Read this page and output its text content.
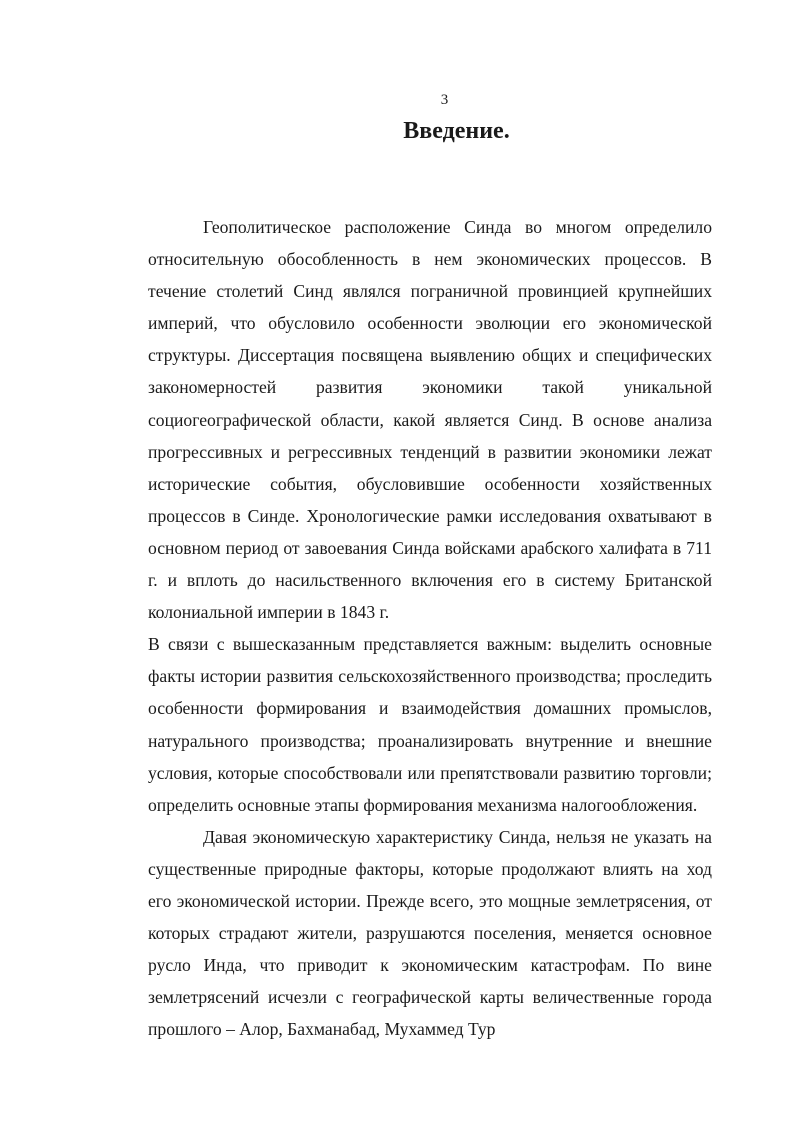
3
Введение.

Геополитическое расположение Синда во многом определило относительную обособленность в нем экономических процессов. В течение столетий Синд являлся пограничной провинцией крупнейших империй, что обусловило особенности эволюции его экономической структуры. Диссертация посвящена выявлению общих и специфических закономерностей развития экономики такой уникальной социогеографической области, какой является Синд. В основе анализа прогрессивных и регрессивных тенденций в развитии экономики лежат исторические события, обусловившие особенности хозяйственных процессов в Синде. Хронологические рамки исследования охватывают в основном период от завоевания Синда войсками арабского халифата в 711 г. и вплоть до насильственного включения его в систему Британской колониальной империи в 1843 г.

В связи с вышесказанным представляется важным: выделить основные факты истории развития сельскохозяйственного производства; проследить особенности формирования и взаимодействия домашних промыслов, натурального производства; проанализировать внутренние и внешние условия, которые способствовали или препятствовали развитию торговли; определить основные этапы формирования механизма налогообложения.

Давая экономическую характеристику Синда, нельзя не указать на существенные природные факторы, которые продолжают влиять на ход его экономической истории. Прежде всего, это мощные землетрясения, от которых страдают жители, разрушаются поселения, меняется основное русло Инда, что приводит к экономическим катастрофам. По вине землетрясений исчезли с географической карты величественные города прошлого – Алор, Бахманабад, Мухаммед Тур
